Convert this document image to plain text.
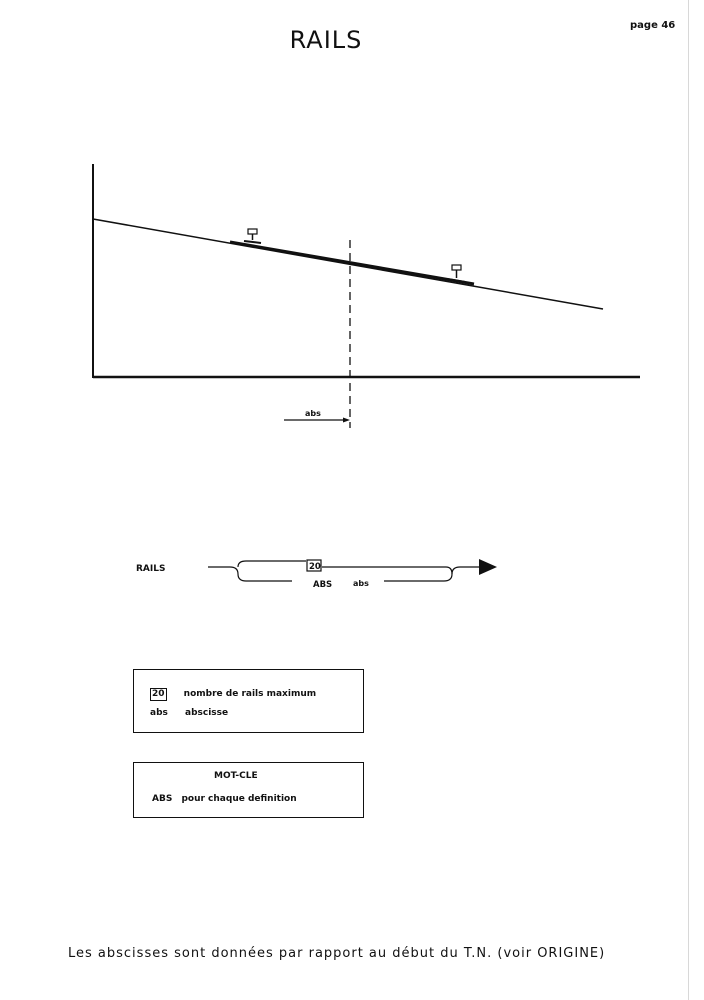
RAILS
page 46
abs
RAILS	20
ABS	abs
20 nombre de rails maximum
abs abscisse
MOT-CLE
ABS pour chaque definition
Les abscisses sont données par rapport au début du T.N. (voir ORIGINE)
